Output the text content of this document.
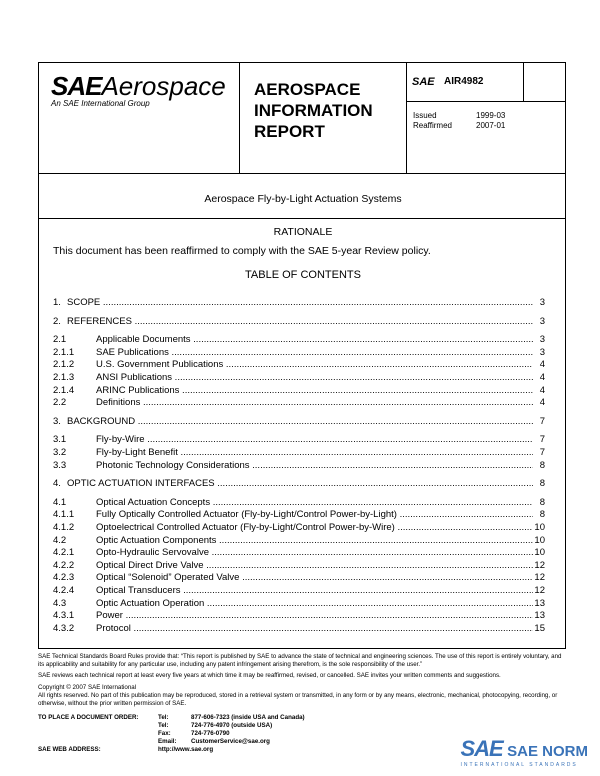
SAEAerospace
An SAE International Group
AEROSPACE
INFORMATION
REPORT
SAE AIR4982
Issued	1999-03
Reaffirmed	2007-01
Aerospace Fly-by-Light Actuation Systems
RATIONALE
This document has been reaffirmed to comply with the SAE 5-year Review policy.
TABLE OF CONTENTS
1. SCOPE .....	3
2. REFERENCES .....	3
2.1	Applicable Documents .....	3
2.1.1 SAE Publications .....	3
2.1.2 U.S. Government Publications .....	4
2.1.3 ANSI Publications .....	4
2.1.4 ARINC Publications .....	4
2.2	Definitions .....	4
3. BACKGROUND .....	7
3.1	Fly-by-Wire .....	7
3.2	Fly-by-Light Benefit .....	7
3.3	Photonic Technology Considerations .....	8
4. OPTIC ACTUATION INTERFACES .....	8
4.1	Optical Actuation Concepts .....	8
4.1.1 Fully Optically Controlled Actuator (Fly-by-Light/Control Power-by-Light) .....	8
4.1.2 Optoelectrical Controlled Actuator (Fly-by-Light/Control Power-by-Wire) .....	10
4.2	Optic Actuation Components .....	10
4.2.1 Opto-Hydraulic Servovalve .....	10
4.2.2 Optical Direct Drive Valve .....	12
4.2.3 Optical “Solenoid” Operated Valve .....	12
4.2.4 Optical Transducers .....	12
4.3	Optic Actuation Operation .....	13
4.3.1 Power .....	13
4.3.2 Protocol .....	15
SAE Technical Standards Board Rules provide that: “This report is published by SAE to advance the state of technical and engineering sciences. The use of this report is entirely voluntary, and its applicability and suitability for any particular use, including any patent infringement arising therefrom, is the sole responsibility of the user.”
SAE reviews each technical report at least every five years at which time it may be reaffirmed, revised, or cancelled. SAE invites your written comments and suggestions.
Copyright © 2007 SAE International
All rights reserved. No part of this publication may be reproduced, stored in a retrieval system or transmitted, in any form or by any means, electronic, mechanical, photocopying, recording, or otherwise, without the prior written permission of SAE.
TO PLACE A DOCUMENT ORDER:	Tel:	877-606-7323 (inside USA and Canada)
Tel:	724-776-4970 (outside USA)
Fax:	724-776-0790
Email:	CustomerService@sae.org
SAE WEB ADDRESS:	http://www.sae.org	SAE SAE NORM
INTERNATIONAL STANDARDS
